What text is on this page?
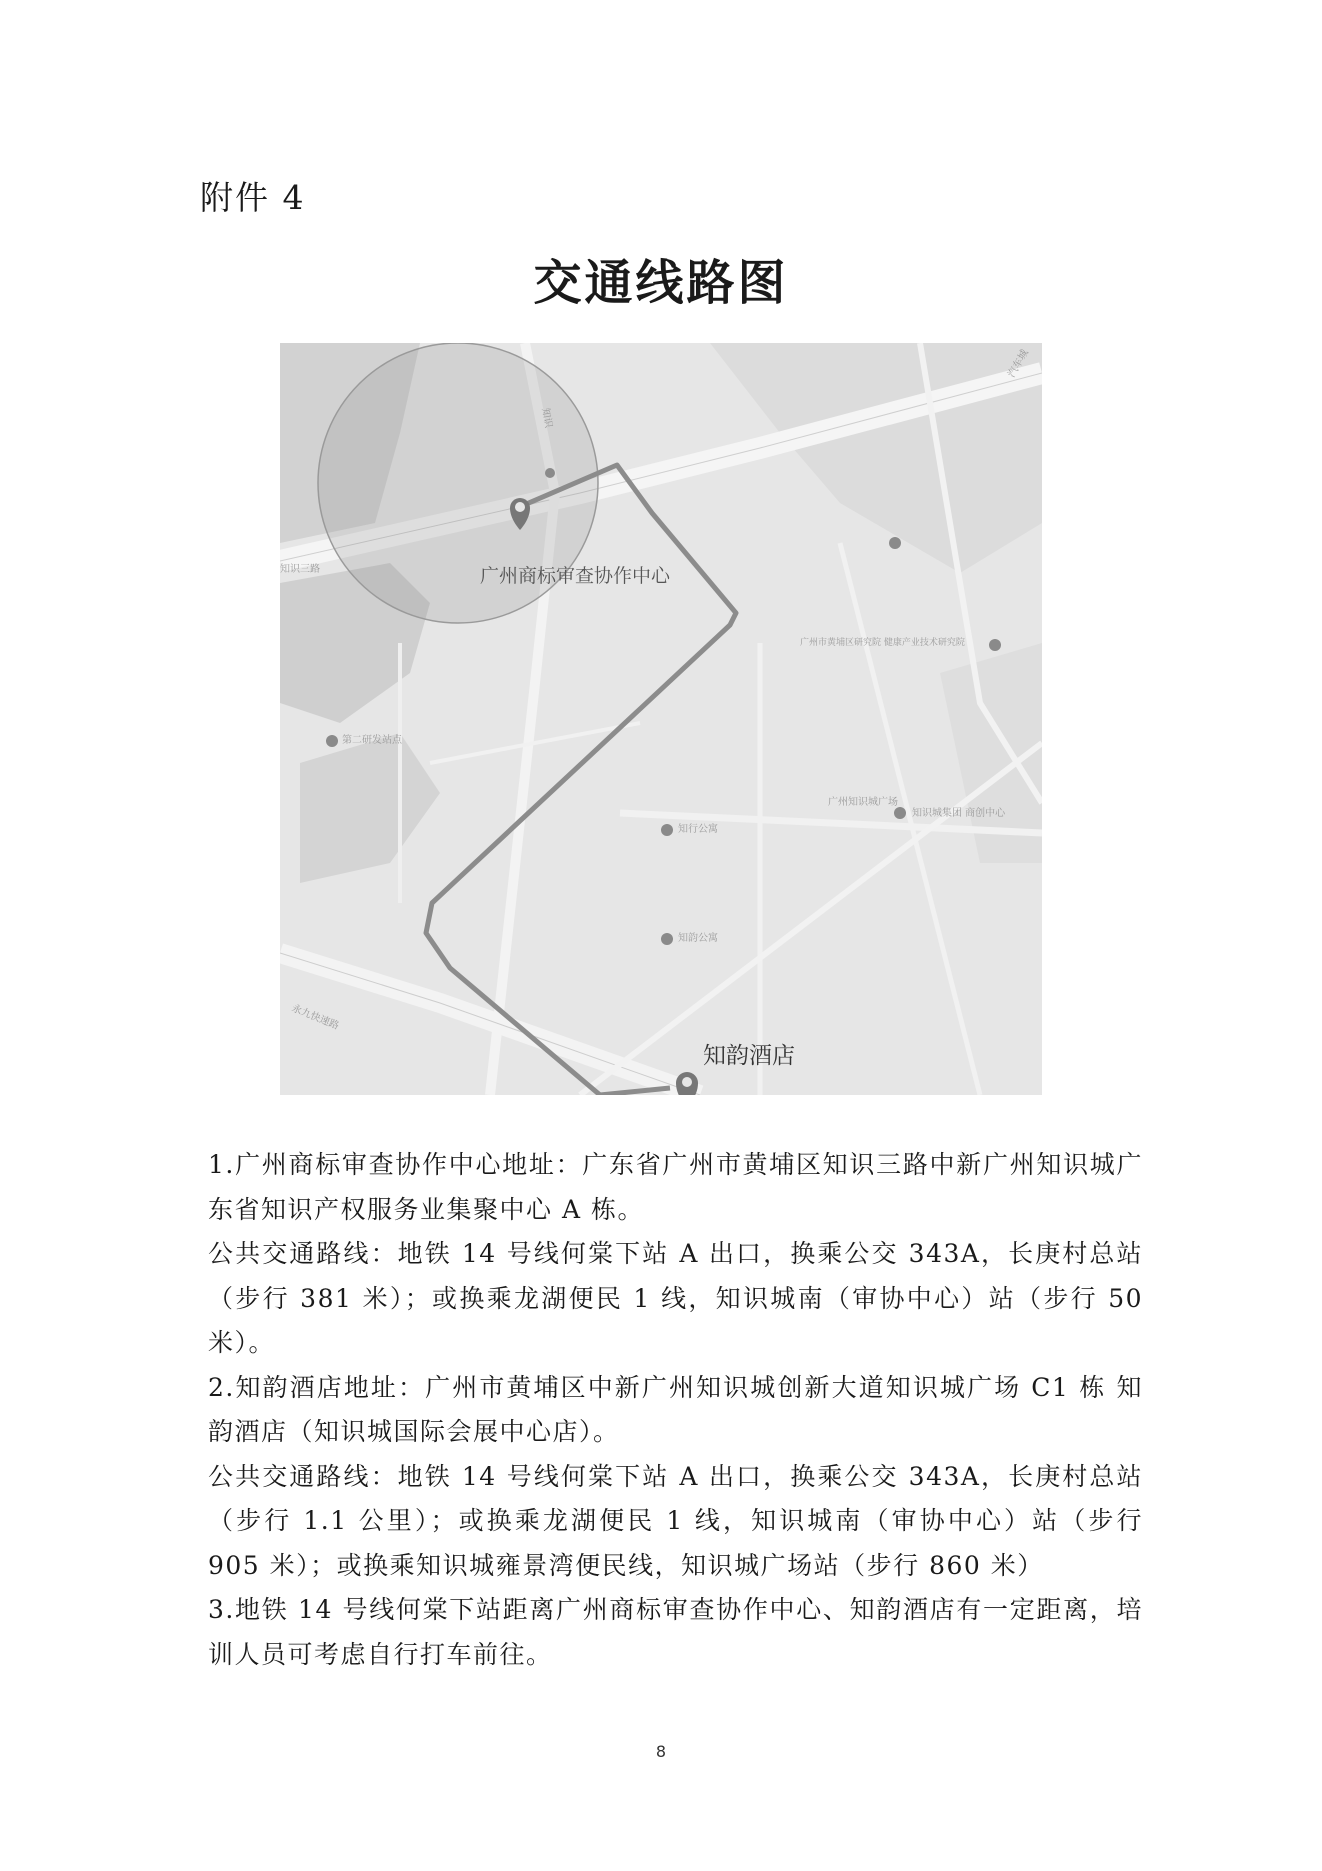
附件 4
交通线路图
广州商标审查协作中心
知韵酒店
知识三路
知识
汽车城
永九快速路
第二研发站点
知行公寓
知韵公寓
广州知识城广场
知识城集团 商创中心
广州市黄埔区研究院 健康产业技术研究院

1.广州商标审查协作中心地址：广东省广州市黄埔区知识三路中新广州知识城广东省知识产权服务业集聚中心 A 栋。

公共交通路线：地铁 14 号线何棠下站 A 出口，换乘公交 343A，长庚村总站（步行 381 米）；或换乘龙湖便民 1 线，知识城南（审协中心）站（步行 50 米）。

2.知韵酒店地址：广州市黄埔区中新广州知识城创新大道知识城广场 C1 栋 知韵酒店（知识城国际会展中心店）。

公共交通路线：地铁 14 号线何棠下站 A 出口，换乘公交 343A，长庚村总站（步行 1.1 公里）；或换乘龙湖便民 1 线，知识城南（审协中心）站（步行 905 米）；或换乘知识城雍景湾便民线，知识城广场站（步行 860 米）

3.地铁 14 号线何棠下站距离广州商标审查协作中心、知韵酒店有一定距离，培训人员可考虑自行打车前往。

8
